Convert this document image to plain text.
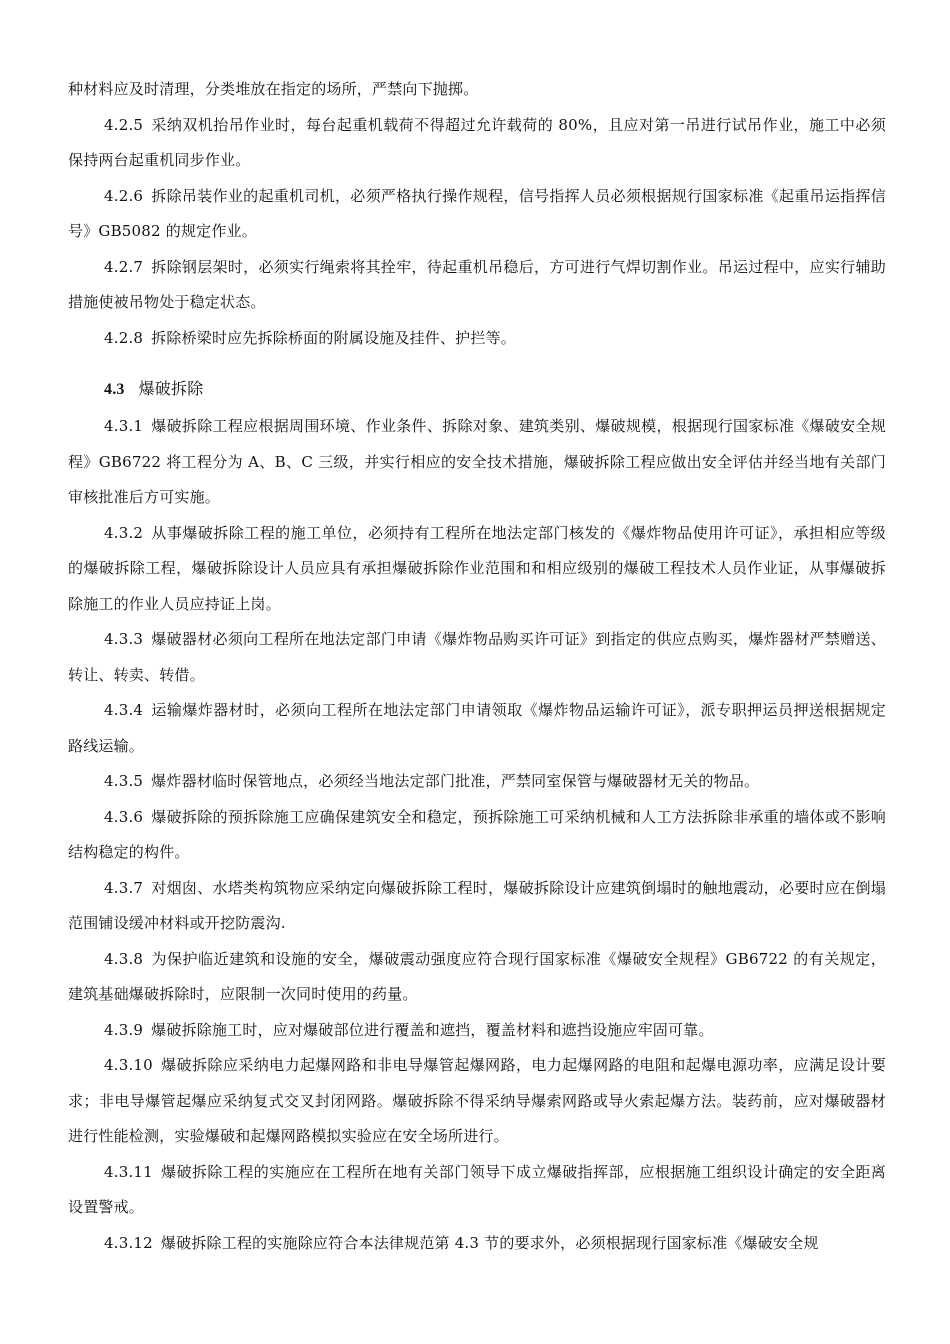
种材料应及时清理，分类堆放在指定的场所，严禁向下抛掷。
4.2.5 采纳双机抬吊作业时，每台起重机载荷不得超过允许载荷的 80%，且应对第一吊进行试吊作业，施工中必须保持两台起重机同步作业。
4.2.6 拆除吊装作业的起重机司机，必须严格执行操作规程，信号指挥人员必须根据规行国家标准《起重吊运指挥信号》GB5082 的规定作业。
4.2.7 拆除钢层架时，必须实行绳索将其拴牢，待起重机吊稳后，方可进行气焊切割作业。吊运过程中，应实行辅助措施使被吊物处于稳定状态。
4.2.8 拆除桥梁时应先拆除桥面的附属设施及挂件、护拦等。
4.3 爆破拆除
4.3.1 爆破拆除工程应根据周围环境、作业条件、拆除对象、建筑类别、爆破规模，根据现行国家标准《爆破安全规程》GB6722 将工程分为 A、B、C 三级，并实行相应的安全技术措施，爆破拆除工程应做出安全评估并经当地有关部门审核批准后方可实施。
4.3.2 从事爆破拆除工程的施工单位，必须持有工程所在地法定部门核发的《爆炸物品使用许可证》，承担相应等级的爆破拆除工程，爆破拆除设计人员应具有承担爆破拆除作业范围和和相应级别的爆破工程技术人员作业证，从事爆破拆除施工的作业人员应持证上岗。
4.3.3 爆破器材必须向工程所在地法定部门申请《爆炸物品购买许可证》到指定的供应点购买，爆炸器材严禁赠送、转让、转卖、转借。
4.3.4 运输爆炸器材时，必须向工程所在地法定部门申请领取《爆炸物品运输许可证》，派专职押运员押送根据规定路线运输。
4.3.5 爆炸器材临时保管地点，必须经当地法定部门批准，严禁同室保管与爆破器材无关的物品。
4.3.6 爆破拆除的预拆除施工应确保建筑安全和稳定，预拆除施工可采纳机械和人工方法拆除非承重的墙体或不影响结构稳定的构件。
4.3.7 对烟囱、水塔类构筑物应采纳定向爆破拆除工程时，爆破拆除设计应建筑倒塌时的触地震动，必要时应在倒塌范围铺设缓冲材料或开挖防震沟.
4.3.8 为保护临近建筑和设施的安全，爆破震动强度应符合现行国家标准《爆破安全规程》GB6722 的有关规定，建筑基础爆破拆除时，应限制一次同时使用的药量。
4.3.9 爆破拆除施工时，应对爆破部位进行覆盖和遮挡，覆盖材料和遮挡设施应牢固可靠。
4.3.10 爆破拆除应采纳电力起爆网路和非电导爆管起爆网路，电力起爆网路的电阻和起爆电源功率，应满足设计要求；非电导爆管起爆应采纳复式交叉封闭网路。爆破拆除不得采纳导爆索网路或导火索起爆方法。装药前，应对爆破器材进行性能检测，实验爆破和起爆网路模拟实验应在安全场所进行。
4.3.11 爆破拆除工程的实施应在工程所在地有关部门领导下成立爆破指挥部，应根据施工组织设计确定的安全距离设置警戒。
4.3.12 爆破拆除工程的实施除应符合本法律规范第 4.3 节的要求外，必须根据现行国家标准《爆破安全规
